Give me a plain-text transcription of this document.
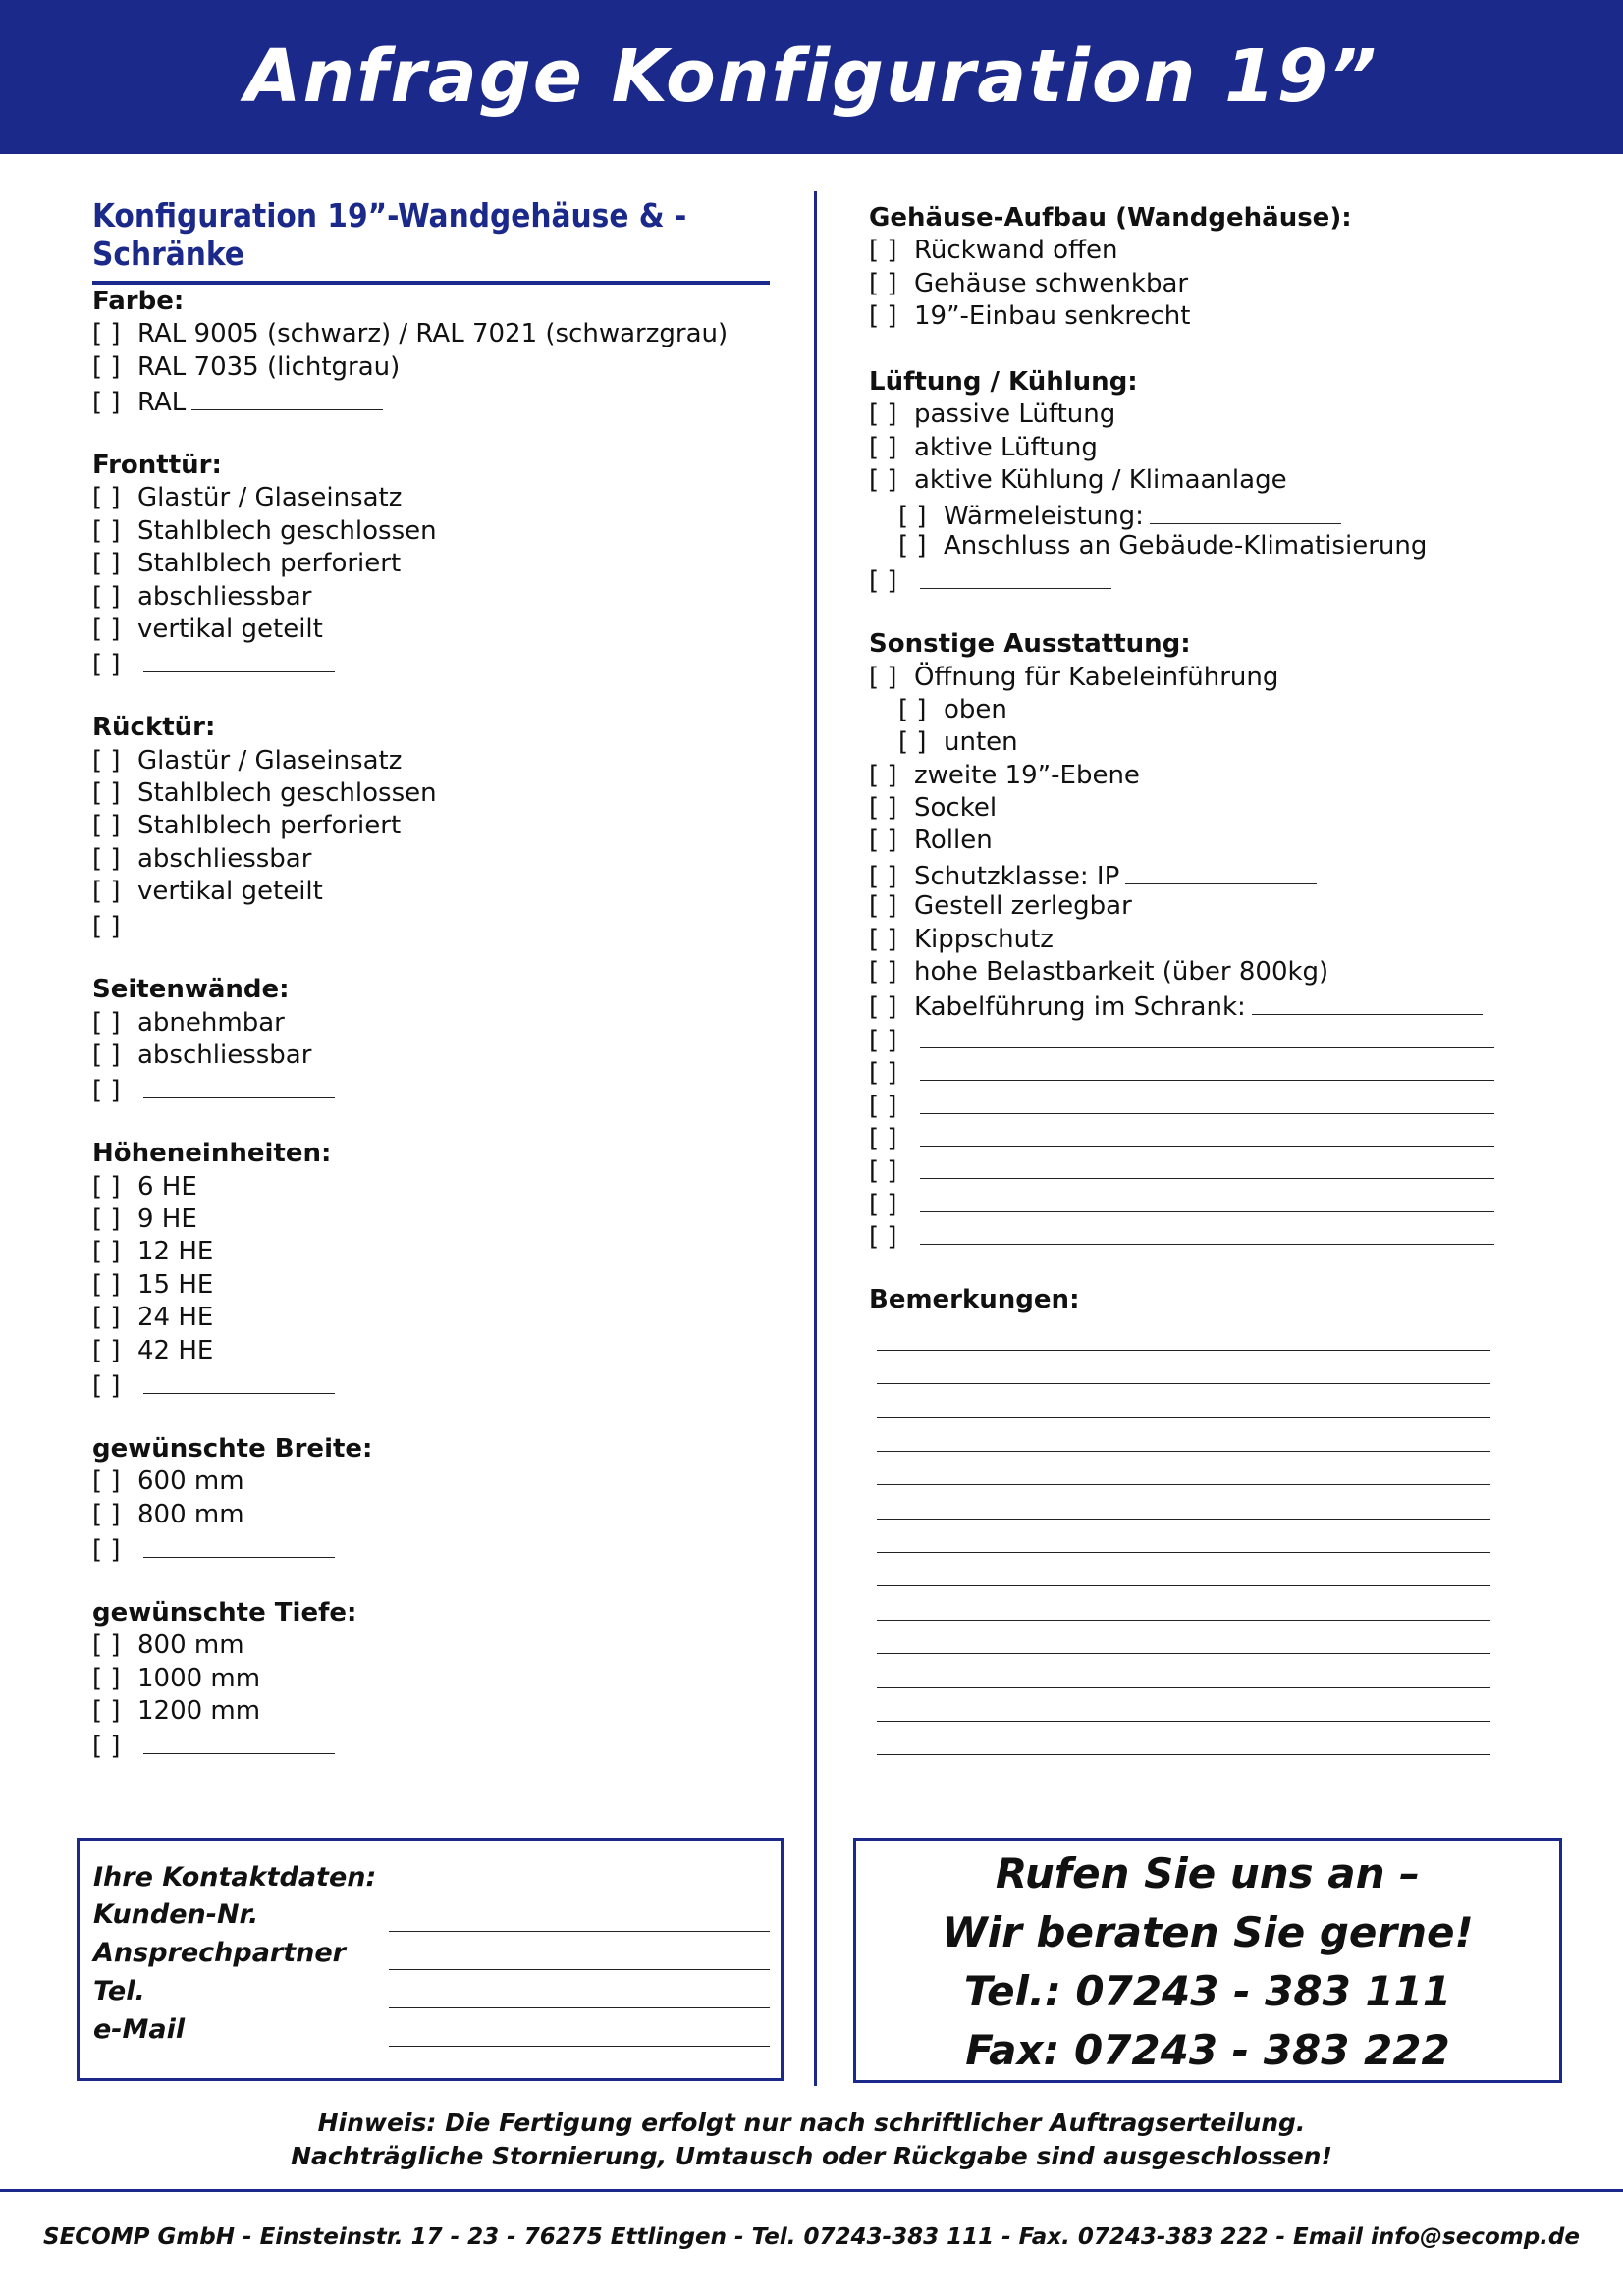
Anfrage Konfiguration 19”
Konfiguration 19”-Wandgehäuse & -Schränke
Farbe:
[ ] RAL 9005 (schwarz) / RAL 7021 (schwarzgrau)
[ ] RAL 7035 (lichtgrau)
[ ] RAL
Fronttür:
[ ] Glastür / Glaseinsatz
[ ] Stahlblech geschlossen
[ ] Stahlblech perforiert
[ ] abschliessbar
[ ] vertikal geteilt
[ ]
Rücktür:
[ ] Glastür / Glaseinsatz
[ ] Stahlblech geschlossen
[ ] Stahlblech perforiert
[ ] abschliessbar
[ ] vertikal geteilt
[ ]
Seitenwände:
[ ] abnehmbar
[ ] abschliessbar
[ ]
Höheneinheiten:
[ ] 6 HE
[ ] 9 HE
[ ] 12 HE
[ ] 15 HE
[ ] 24 HE
[ ] 42 HE
[ ]
gewünschte Breite:
[ ] 600 mm
[ ] 800 mm
[ ]
gewünschte Tiefe:
[ ] 800 mm
[ ] 1000 mm
[ ] 1200 mm
[ ]
Gehäuse-Aufbau (Wandgehäuse):
[ ] Rückwand offen
[ ] Gehäuse schwenkbar
[ ] 19”-Einbau senkrecht
Lüftung / Kühlung:
[ ] passive Lüftung
[ ] aktive Lüftung
[ ] aktive Kühlung / Klimaanlage
[ ] Wärmeleistung:
[ ] Anschluss an Gebäude-Klimatisierung
[ ]
Sonstige Ausstattung:
[ ] Öffnung für Kabeleinführung
[ ] oben
[ ] unten
[ ] zweite 19”-Ebene
[ ] Sockel
[ ] Rollen
[ ] Schutzklasse: IP
[ ] Gestell zerlegbar
[ ] Kippschutz
[ ] hohe Belastbarkeit (über 800kg)
[ ] Kabelführung im Schrank:
[ ]
[ ]
[ ]
[ ]
[ ]
[ ]
[ ]
Bemerkungen:
Ihre Kontaktdaten:
Kunden-Nr.
Ansprechpartner
Tel.
e-Mail
Rufen Sie uns an –
Wir beraten Sie gerne!
Tel.: 07243 - 383 111
Fax: 07243 - 383 222
Hinweis: Die Fertigung erfolgt nur nach schriftlicher Auftragserteilung.
Nachträgliche Stornierung, Umtausch oder Rückgabe sind ausgeschlossen!
SECOMP GmbH - Einsteinstr. 17 - 23 - 76275 Ettlingen - Tel. 07243-383 111 - Fax. 07243-383 222 - Email info@secomp.de
